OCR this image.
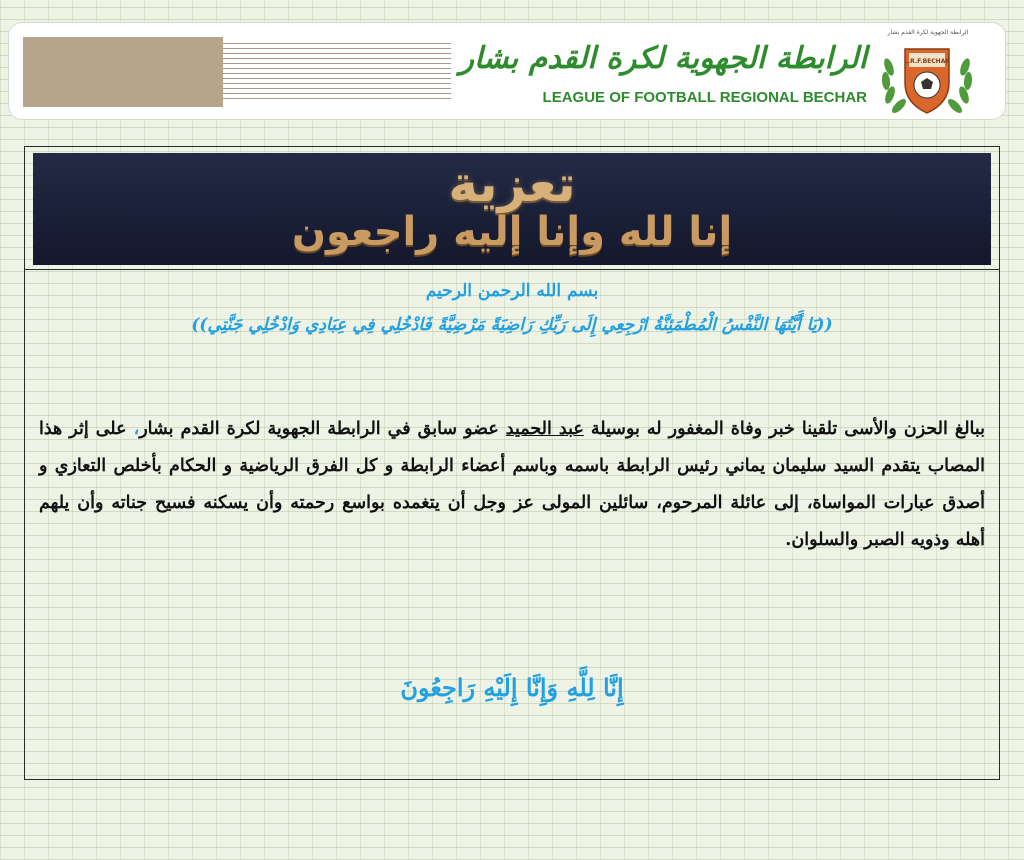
الرابطة الجهوية لكرة القدم بشار
LEAGUE OF FOOTBALL REGIONAL BECHAR
الرابطة الجهوية لكرة القدم بشار
L.R.F.BECHAR
تعزية
إنا لله وإنا إليه راجعون
بسم الله الرحمن الرحيم
((يَا أَيَّتُهَا النَّفْسُ الْمُطْمَئِنَّةُ ارْجِعِي إِلَى رَبِّكِ رَاضِيَةً مَرْضِيَّةً فَادْخُلِي فِي عِبَادِي وَادْخُلِي جَنَّتِي))
ببالغ الحزن والأسى تلقينا خبر وفاة المغفور له بوسيلة عبد الحميد عضو سابق في الرابطة الجهوية لكرة القدم بشار، على إثر هذا المصاب يتقدم السيد سليمان يماني رئيس الرابطة باسمه وباسم أعضاء الرابطة و كل الفرق الرياضية و الحكام بأخلص التعازي و أصدق عبارات المواساة، إلى عائلة المرحوم، سائلين المولى عز وجل أن يتغمده بواسع رحمته وأن يسكنه فسيح جناته وأن يلهم أهله وذويه الصبر والسلوان.
إِنَّا لِلَّهِ وَإِنَّا إِلَيْهِ رَاجِعُونَ
